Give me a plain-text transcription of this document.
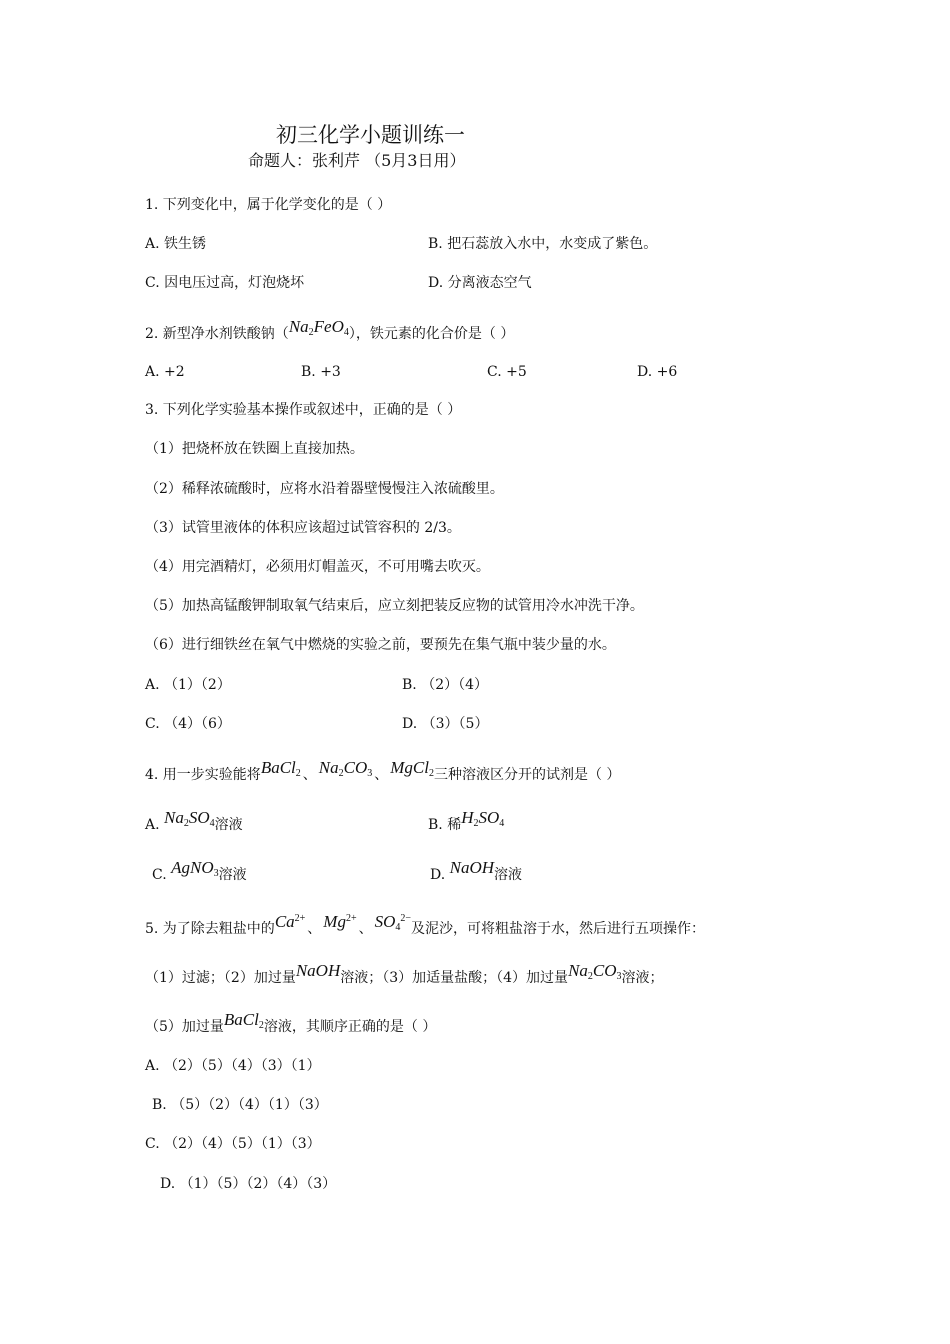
初三化学小题训练一
命题人：张利芹 （5月3日用）
1. 下列变化中，属于化学变化的是（ ）
A. 铁生锈	B. 把石蕊放入水中，水变成了紫色。
C. 因电压过高，灯泡烧坏	D. 分离液态空气
2. 新型净水剂铁酸钠$(Na_2FeO_4)$，铁元素的化合价是（ ）
A. +2	B. +3	C. +5	D. +6
3. 下列化学实验基本操作或叙述中，正确的是（ ）
（1）把烧杯放在铁圈上直接加热。
（2）稀释浓硫酸时，应将水沿着器壁慢慢注入浓硫酸里。
（3）试管里液体的体积应该超过试管容积的 2/3。
（4）用完酒精灯，必须用灯帽盖灭，不可用嘴去吹灭。
（5）加热高锰酸钾制取氧气结束后，应立刻把装反应物的试管用冷水冲洗干净。
（6）进行细铁丝在氧气中燃烧的实验之前，要预先在集气瓶中装少量的水。
A. （1）（2）	B. （2）（4）
C. （4）（6）	D. （3）（5）
4. 用一步实验能将BaCl$_2$ 、 $Na_2CO_3$ 、 MgCl$_2$三种溶液区分开的试剂是（ ）
A. $Na_2SO_4$溶液	B. 稀$H_2SO_4$
C. AgNO$_3$溶液	D. NaOH溶液
5. 为了除去粗盐中的$Ca^{2+}$、 $Mg^{2+}$、 $SO_4^{2-}$及泥沙，可将粗盐溶于水，然后进行五项操作：
（1）过滤；（2）加过量NaOH溶液；（3）加适量盐酸；（4）加过量$Na_2CO_3$溶液；
（5）加过量BaCl$_2$溶液，其顺序正确的是（ ）
A. （2）（5）（4）（3）（1）
B. （5）（2）（4）（1）（3）
C. （2）（4）（5）（1）（3）
D. （1）（5）（2）（4）（3）
